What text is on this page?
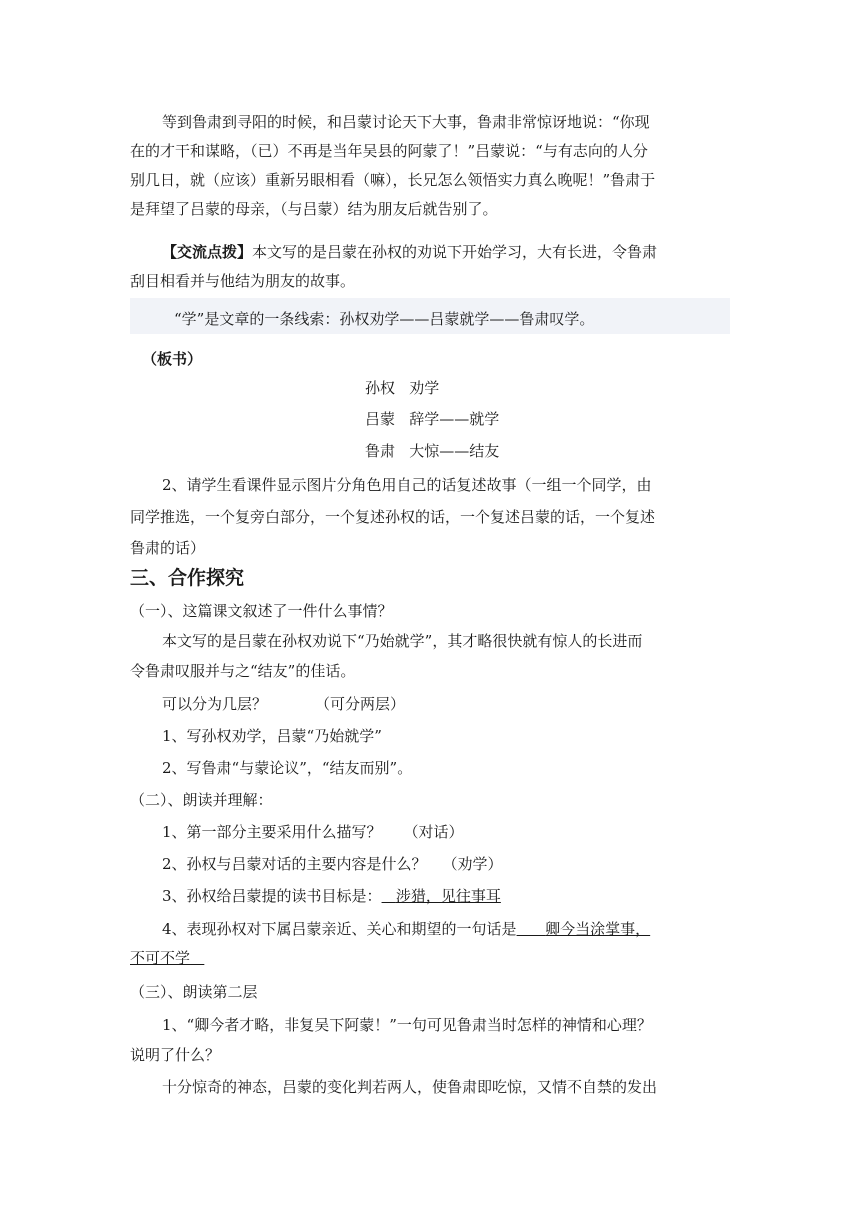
等到鲁肃到寻阳的时候，和吕蒙讨论天下大事，鲁肃非常惊讶地说：“你现

在的才干和谋略，（已）不再是当年吴县的阿蒙了！”吕蒙说：“与有志向的人分

别几日，就（应该）重新另眼相看（嘛），长兄怎么领悟实力真么晚呢！”鲁肃于

是拜望了吕蒙的母亲，（与吕蒙）结为朋友后就告别了。

【交流点拨】本文写的是吕蒙在孙权的劝说下开始学习，大有长进，令鲁肃

刮目相看并与他结为朋友的故事。

“学”是文章的一条线索：孙权劝学——吕蒙就学——鲁肃叹学。

（板书）

孙权   劝学
吕蒙   辞学——就学
鲁肃   大惊——结友

2、请学生看课件显示图片分角色用自己的话复述故事（一组一个同学，由

同学推选，一个复旁白部分，一个复述孙权的话，一个复述吕蒙的话，一个复述

鲁肃的话）

三、合作探究

（一）、这篇课文叙述了一件什么事情？

本文写的是吕蒙在孙权劝说下“乃始就学”，其才略很快就有惊人的长进而

令鲁肃叹服并与之“结友”的佳话。

可以分为几层？	（可分两层）

1、写孙权劝学，吕蒙“乃始就学”

2、写鲁肃“与蒙论议”，“结友而别”。

（二）、朗读并理解：

1、第一部分主要采用什么描写？ （对话）

2、孙权与吕蒙对话的主要内容是什么？ （劝学）

3、孙权给吕蒙提的读书目标是： 涉猎，见往事耳

4、表现孙权对下属吕蒙亲近、关心和期望的一句话是 卿今当涂掌事，

不可不学

（三）、朗读第二层

1、“卿今者才略，非复吴下阿蒙！”一句可见鲁肃当时怎样的神情和心理？

说明了什么？

十分惊奇的神态，吕蒙的变化判若两人，使鲁肃即吃惊，又情不自禁的发出
